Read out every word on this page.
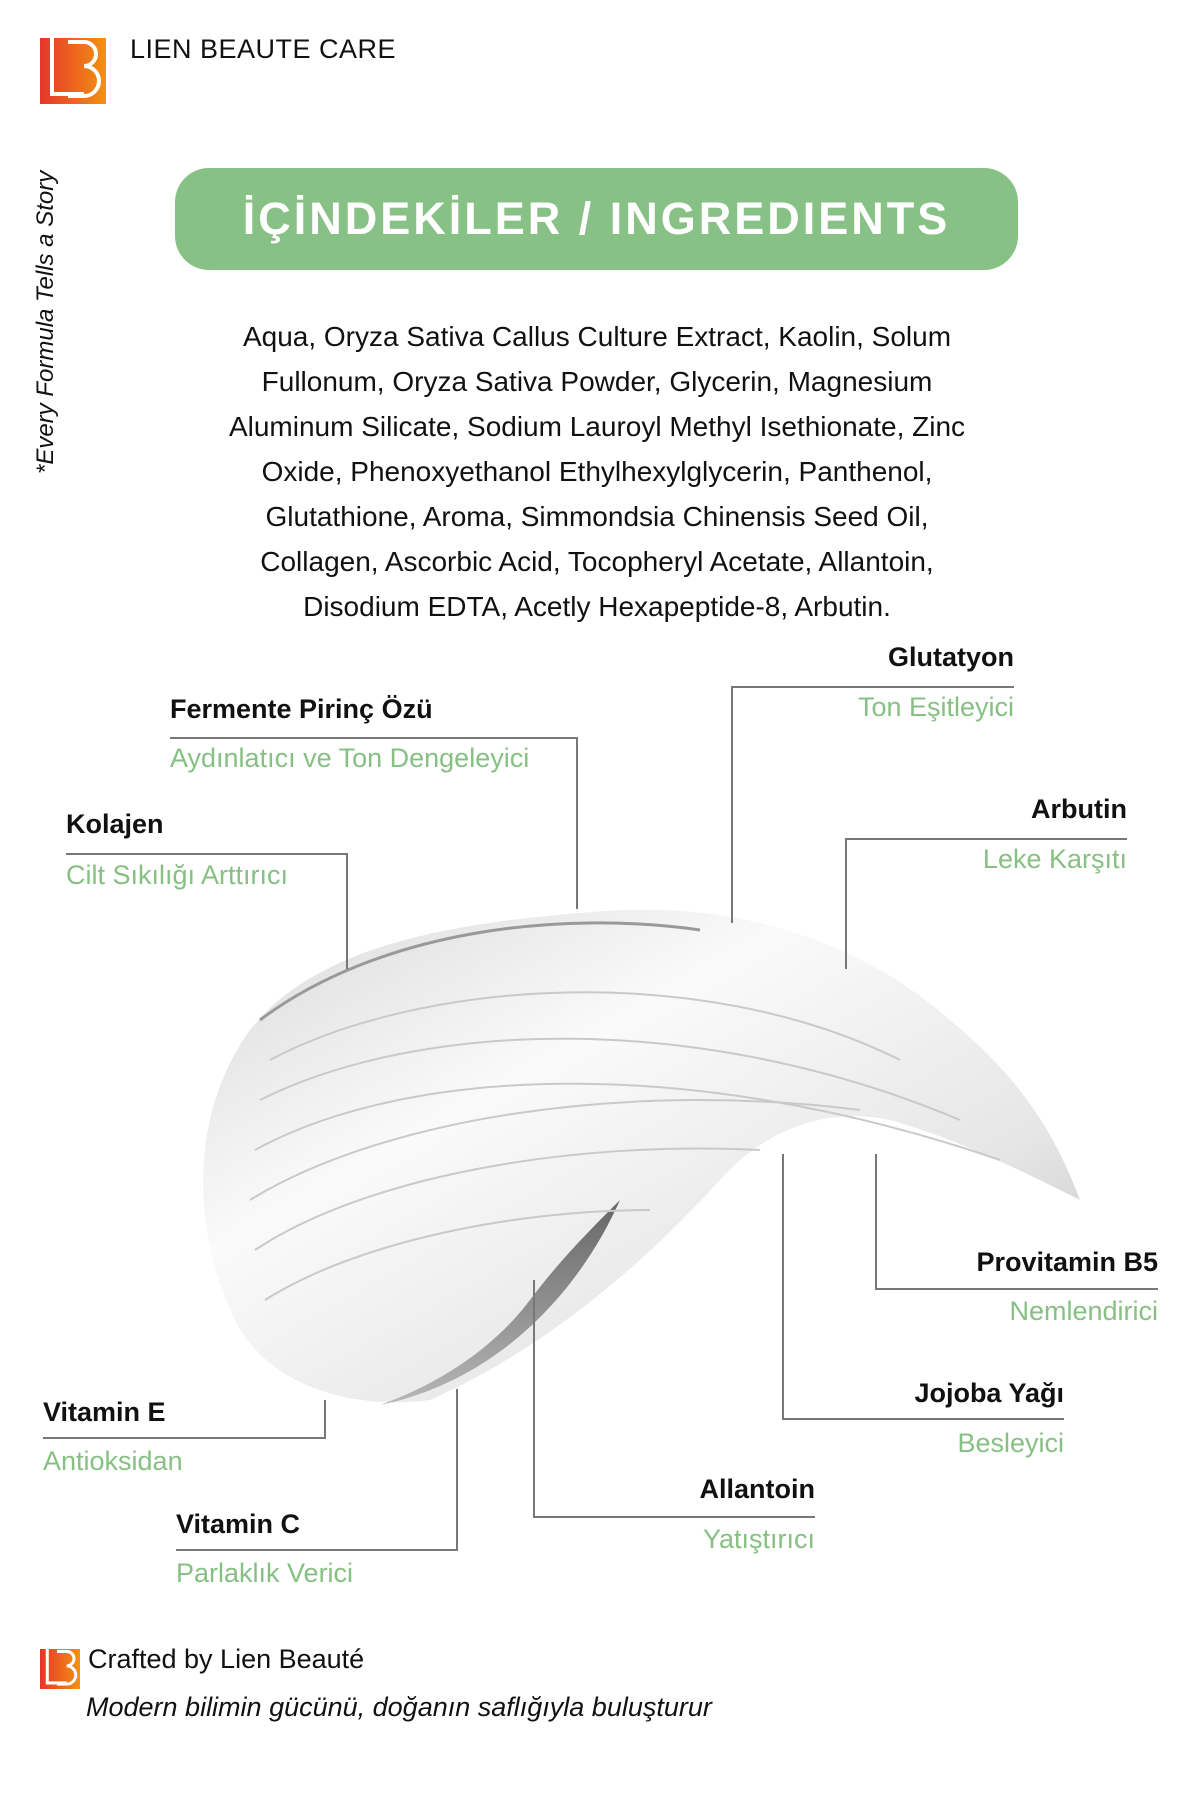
LIEN BEAUTE CARE
*Every Formula Tells a Story	İÇİNDEKİLER / INGREDIENTS
Aqua, Oryza Sativa Callus Culture Extract, Kaolin, Solum
Fullonum, Oryza Sativa Powder, Glycerin, Magnesium
Aluminum Silicate, Sodium Lauroyl Methyl Isethionate, Zinc
Oxide, Phenoxyethanol Ethylhexylglycerin, Panthenol,
Glutathione, Aroma, Simmondsia Chinensis Seed Oil,
Collagen, Ascorbic Acid, Tocopheryl Acetate, Allantoin,
Disodium EDTA, Acetly Hexapeptide-8, Arbutin.
Glutatyon
Ton Eşitleyici
Fermente Pirinç Özü
Aydınlatıcı ve Ton Dengeleyici
Kolajen
Cilt Sıkılığı Arttırıcı
Arbutin
Leke Karşıtı
Provitamin B5
Nemlendirici
Jojoba Yağı
Besleyici
Allantoin
Yatıştırıcı
Vitamin E
Antioksidan
Vitamin C
Parlaklık Verici
Crafted by Lien Beauté
Modern bilimin gücünü, doğanın saflığıyla buluşturur
